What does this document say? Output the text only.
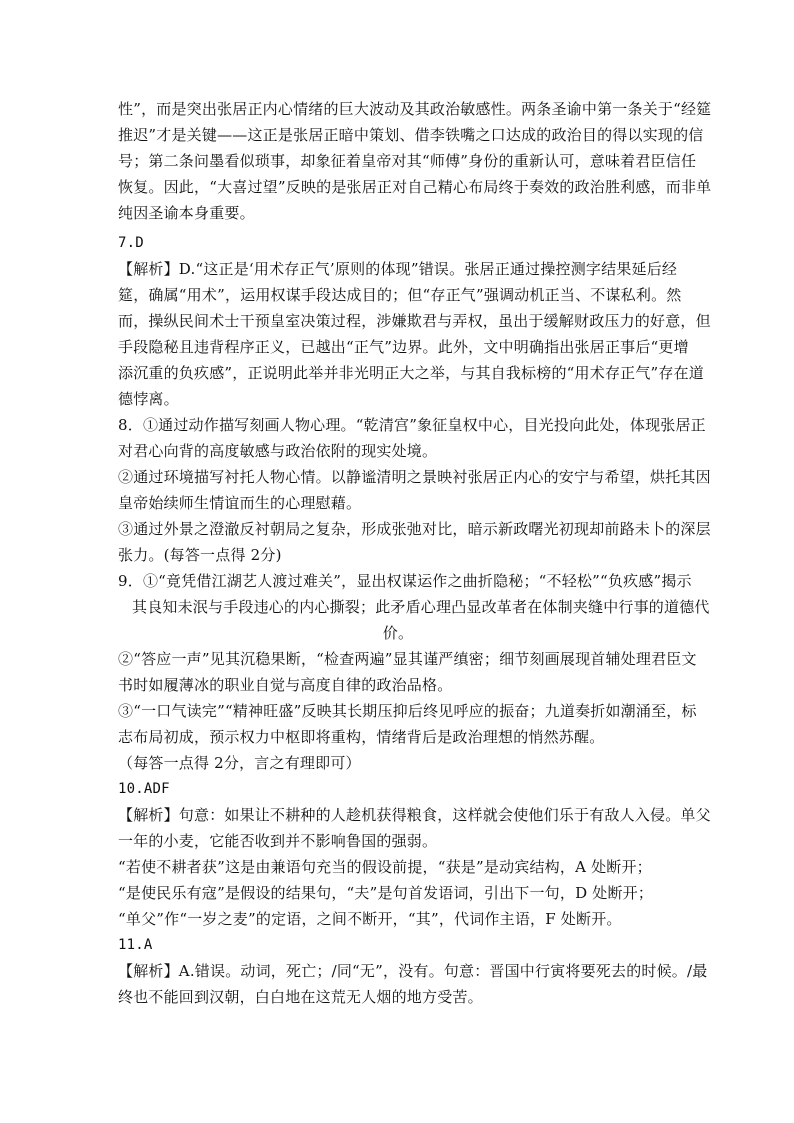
性”，而是突出张居正内心情绪的巨大波动及其政治敏感性。两条圣谕中第一条关于“经筵

推迟”才是关键——这正是张居正暗中策划、借李铁嘴之口达成的政治目的得以实现的信

号；第二条问墨看似琐事，却象征着皇帝对其“师傅”身份的重新认可，意味着君臣信任

恢复。因此，“大喜过望”反映的是张居正对自己精心布局终于奏效的政治胜利感，而非单

纯因圣谕本身重要。

7.D

【解析】D.“这正是‘用术存正气’原则的体现”错误。张居正通过操控测字结果延后经

筵，确属“用术”，运用权谋手段达成目的；但“存正气”强调动机正当、不谋私利。然

而，操纵民间术士干预皇室决策过程，涉嫌欺君与弄权，虽出于缓解财政压力的好意，但

手段隐秘且违背程序正义，已越出“正气”边界。此外，文中明确指出张居正事后“更增

添沉重的负疚感”，正说明此举并非光明正大之举，与其自我标榜的“用术存正气”存在道

德悖离。

8．①通过动作描写刻画人物心理。“乾清宫”象征皇权中心，目光投向此处，体现张居正

对君心向背的高度敏感与政治依附的现实处境。

②通过环境描写衬托人物心情。以静谧清明之景映衬张居正内心的安宁与希望，烘托其因

皇帝始续师生情谊而生的心理慰藉。

③通过外景之澄澈反衬朝局之复杂，形成张弛对比，暗示新政曙光初现却前路未卜的深层

张力。(每答一点得 2分)

9．①“竟凭借江湖艺人渡过难关”，显出权谋运作之曲折隐秘；“不轻松”“负疚感”揭示

其良知未泯与手段违心的内心撕裂；此矛盾心理凸显改革者在体制夹缝中行事的道德代

价。

②“答应一声”见其沉稳果断，“检查两遍”显其谨严缜密；细节刻画展现首辅处理君臣文

书时如履薄冰的职业自觉与高度自律的政治品格。

③“一口气读完”“精神旺盛”反映其长期压抑后终见呼应的振奋；九道奏折如潮涌至，标

志布局初成，预示权力中枢即将重构，情绪背后是政治理想的悄然苏醒。

（每答一点得 2分，言之有理即可）

10.ADF

【解析】句意：如果让不耕种的人趁机获得粮食，这样就会使他们乐于有敌人入侵。单父

一年的小麦，它能否收到并不影响鲁国的强弱。

“若使不耕者获”这是由兼语句充当的假设前提，“获是”是动宾结构，A 处断开；

“是使民乐有寇”是假设的结果句，“夫”是句首发语词，引出下一句，D 处断开；

“单父”作“一岁之麦”的定语，之间不断开，“其”，代词作主语，F 处断开。

11.A

【解析】A.错误。动词，死亡；/同“无”，没有。句意：晋国中行寅将要死去的时候。/最

终也不能回到汉朝，白白地在这荒无人烟的地方受苦。
